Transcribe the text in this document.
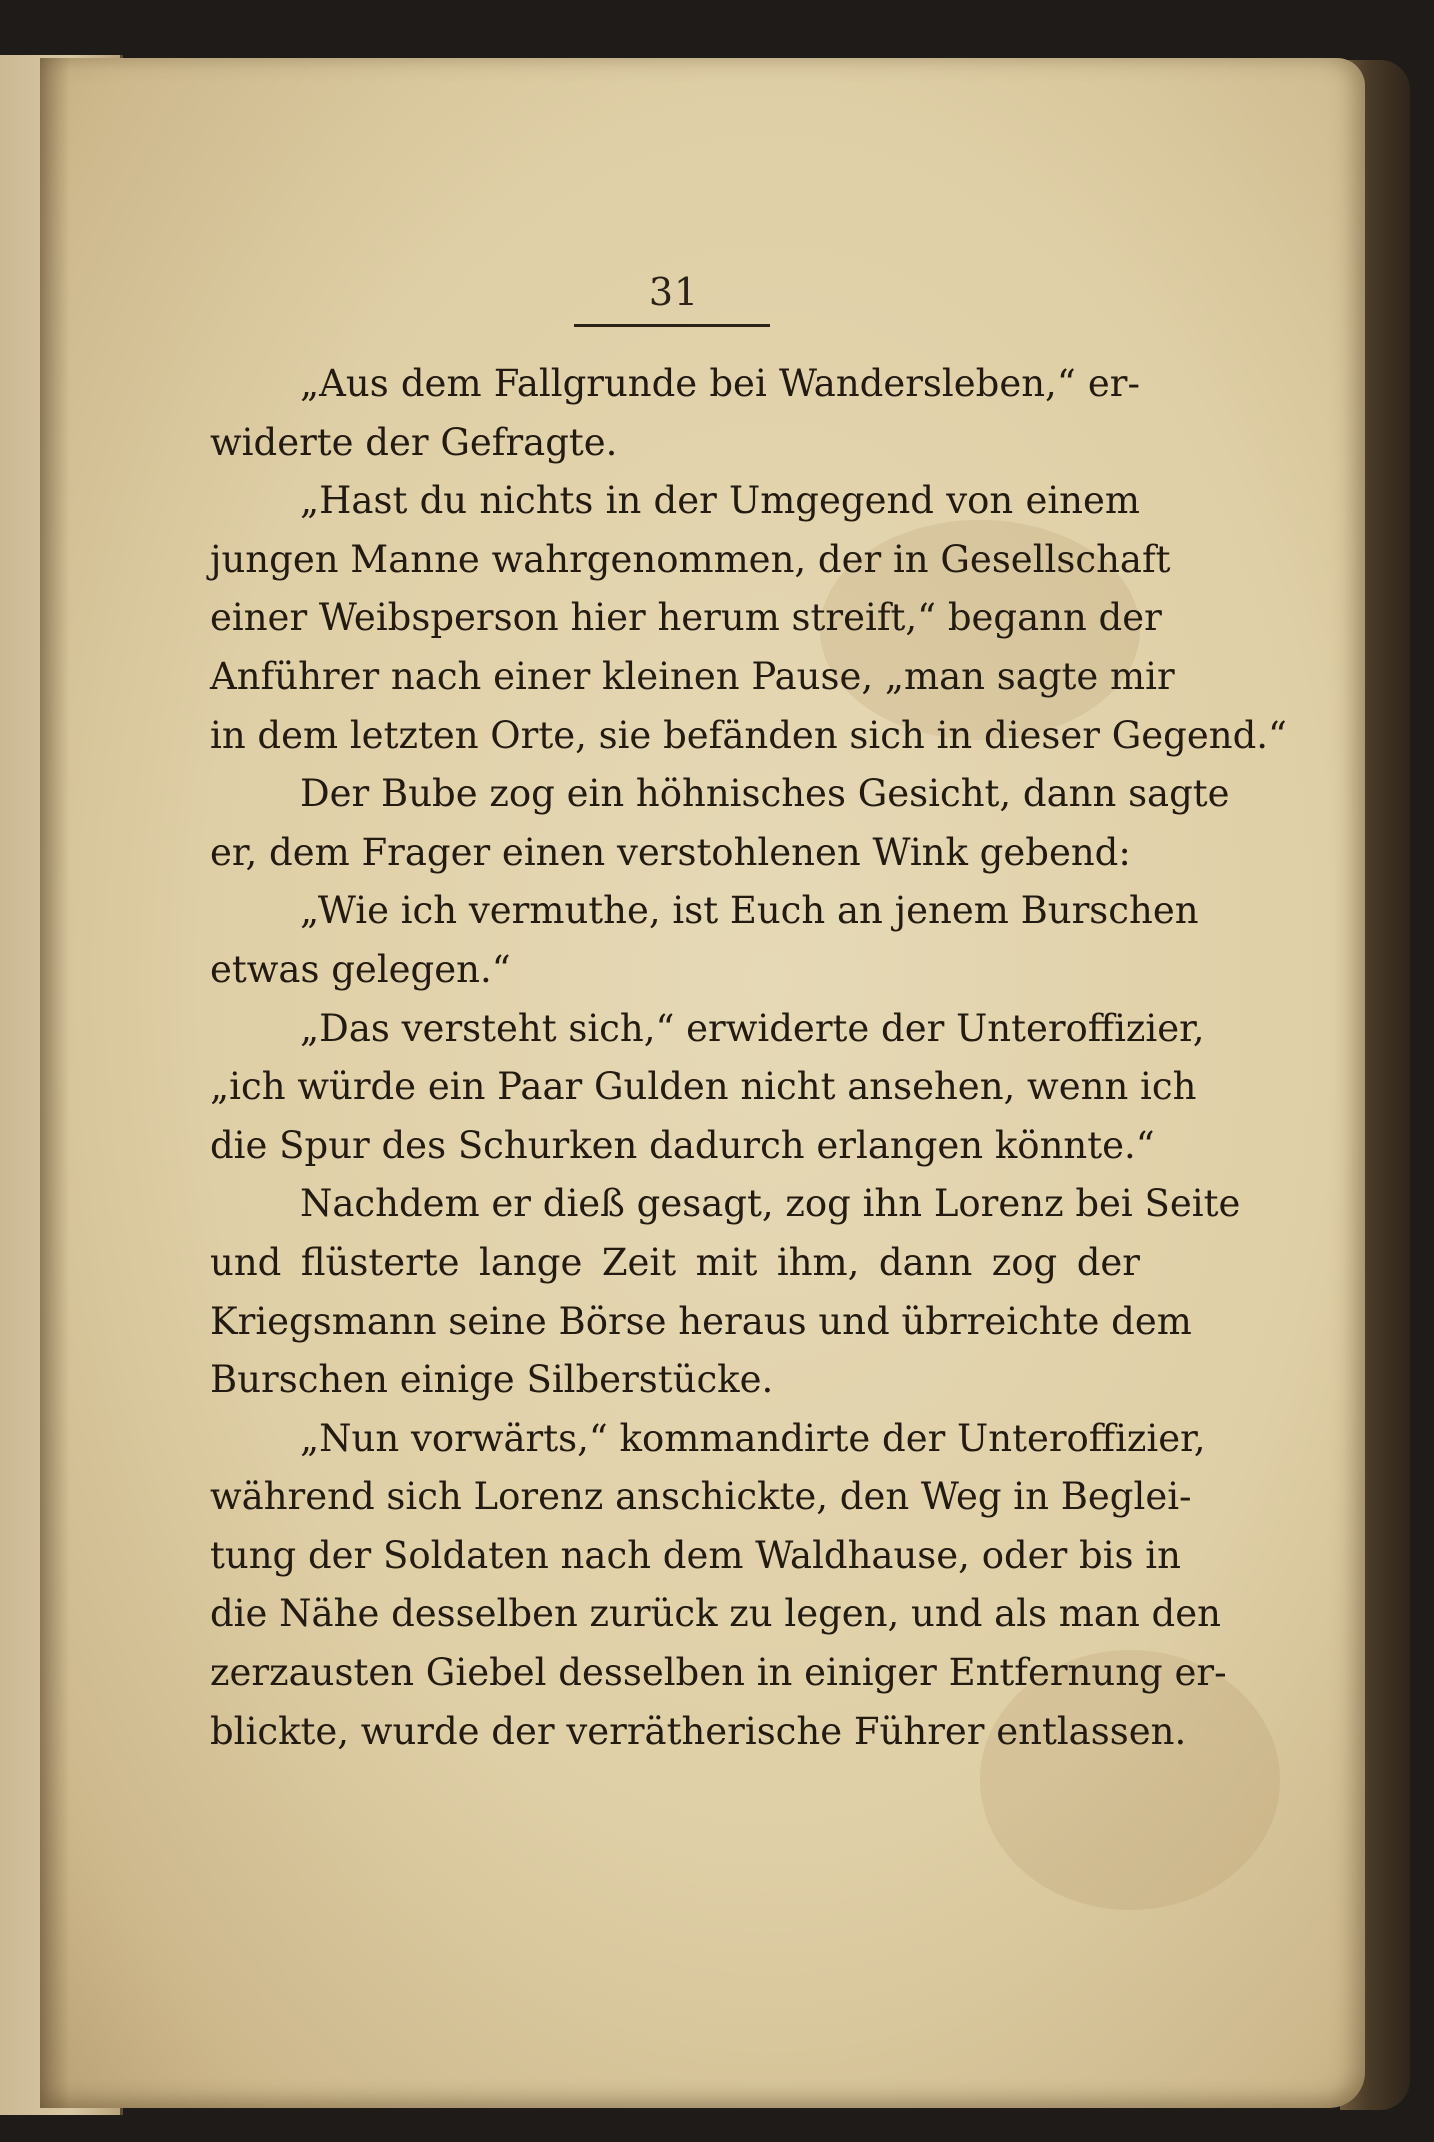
31
„Aus dem Fallgrunde bei Wandersleben,“ er-
widerte der Gefragte.
„Hast du nichts in der Umgegend von einem
jungen Manne wahrgenommen, der in Gesellschaft
einer Weibsperson hier herum streift,“ begann der
Anführer nach einer kleinen Pause, „man sagte mir
in dem letzten Orte, sie befänden sich in dieser Gegend.“
Der Bube zog ein höhnisches Gesicht, dann sagte
er, dem Frager einen verstohlenen Wink gebend:
„Wie ich vermuthe, ist Euch an jenem Burschen
etwas gelegen.“
„Das versteht sich,“ erwiderte der Unteroffizier,
„ich würde ein Paar Gulden nicht ansehen, wenn ich
die Spur des Schurken dadurch erlangen könnte.“
Nachdem er dieß gesagt, zog ihn Lorenz bei Seite
und flüsterte lange Zeit mit ihm, dann zog der
Kriegsmann seine Börse heraus und übrreichte dem
Burschen einige Silberstücke.
„Nun vorwärts,“ kommandirte der Unteroffizier,
während sich Lorenz anschickte, den Weg in Beglei-
tung der Soldaten nach dem Waldhause, oder bis in
die Nähe desselben zurück zu legen, und als man den
zerzausten Giebel desselben in einiger Entfernung er-
blickte, wurde der verrätherische Führer entlassen.
